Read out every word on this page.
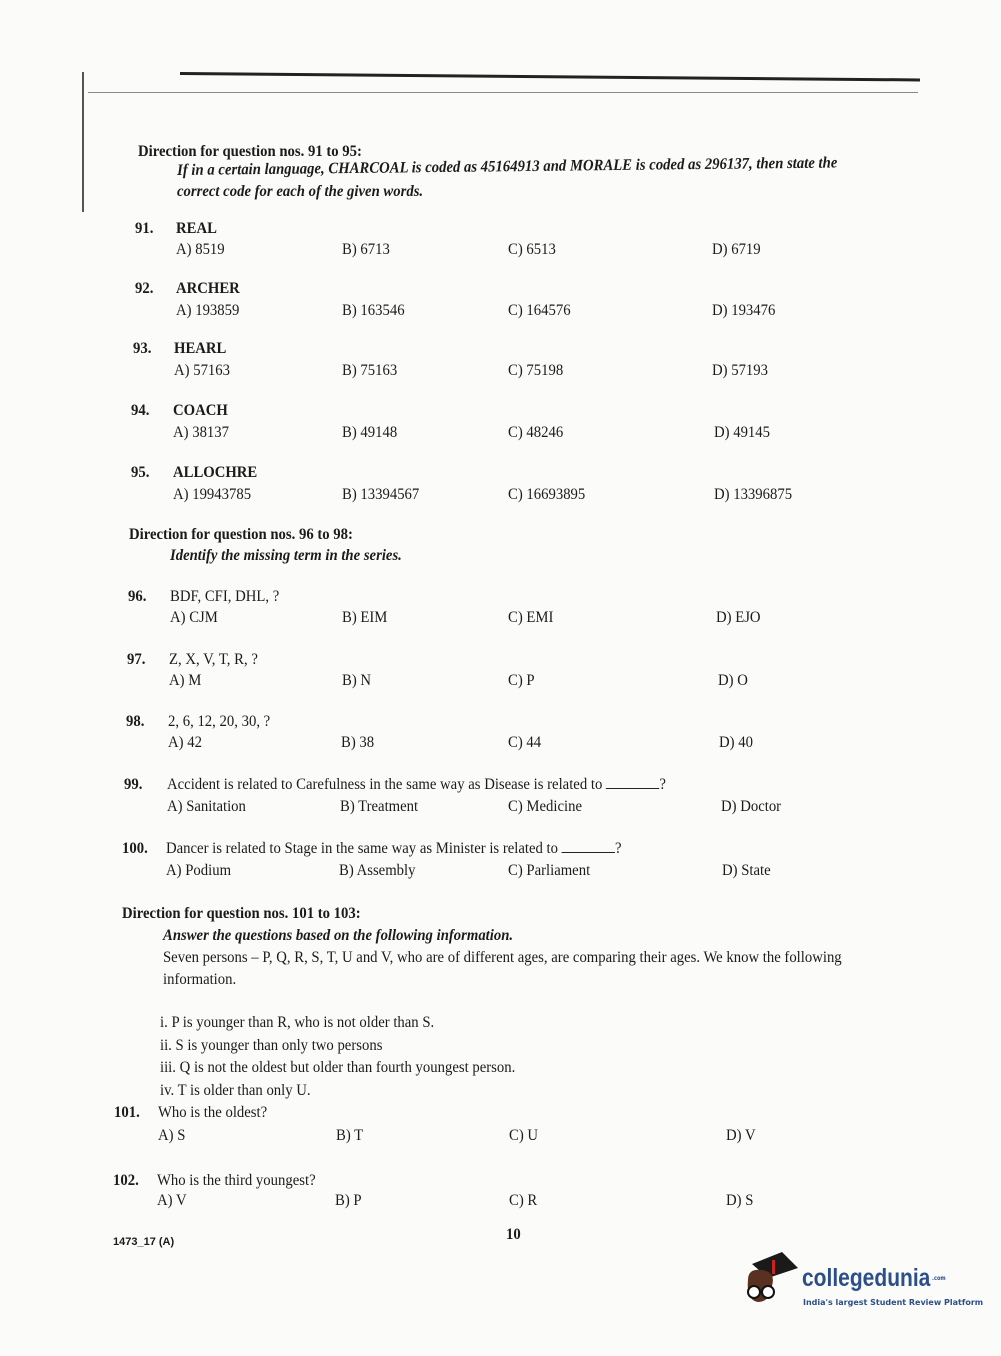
Direction for question nos. 91 to 95:
If in a certain language, CHARCOAL is coded as 45164913 and MORALE is coded as 296137, then state the
correct code for each of the given words.
Direction for question nos. 96 to 98:
Identify the missing term in the series.
Direction for question nos. 101 to 103:
Answer the questions based on the following information.
Seven persons – P, Q, R, S, T, U and V, who are of different ages, are comparing their ages. We know the following
information.
i. P is younger than R, who is not older than S.
ii. S is younger than only two persons
iii. Q is not the oldest but older than fourth youngest person.
iv. T is older than only U.
91. REAL
A) 8519	B) 6713	C) 6513	D) 6719
92. ARCHER
A) 193859	B) 163546	C) 164576	D) 193476
93. HEARL
A) 57163	B) 75163	C) 75198	D) 57193
94. COACH
A) 38137	B) 49148	C) 48246	D) 49145
95. ALLOCHRE
A) 19943785	B) 13394567	C) 16693895	D) 13396875
96. BDF, CFI, DHL, ?
A) CJM	B) EIM	C) EMI	D) EJO
97. Z, X, V, T, R, ?
A) M	B) N	C) P	D) O
98. 2, 6, 12, 20, 30, ?
A) 42	B) 38	C) 44	D) 40
99. Accident is related to Carefulness in the same way as Disease is related to	?
A) Sanitation	B) Treatment	C) Medicine	D) Doctor
100. Dancer is related to Stage in the same way as Minister is related to	?
A) Podium	B) Assembly	C) Parliament	D) State
101. Who is the oldest?
A) S	B) T	C) U	D) V
102. Who is the third youngest?
A) V	B) P	C) R	D) S
1473_17 (A)	10
collegedunia .com
India's largest Student Review Platform
